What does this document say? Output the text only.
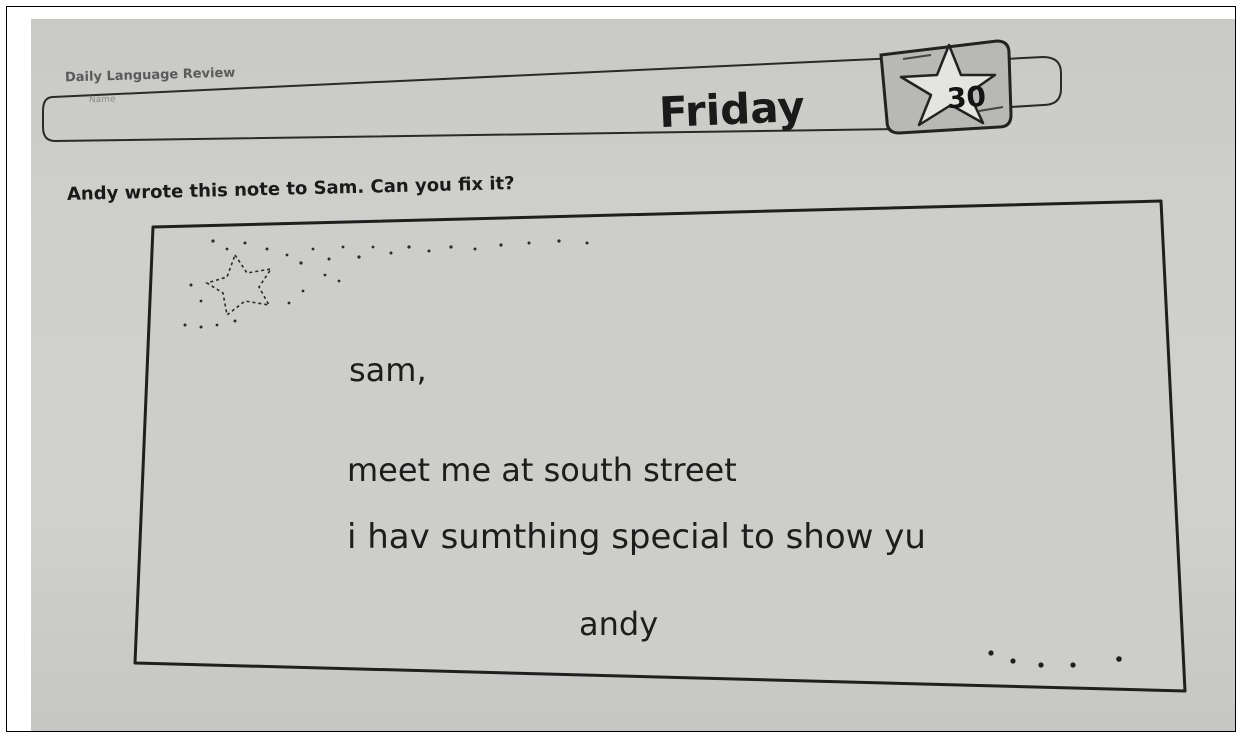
Daily Language Review
Name	Friday	30
Andy wrote this note to Sam. Can you fix it?
sam,
meet me at south street
i hav sumthing special to show yu
andy
